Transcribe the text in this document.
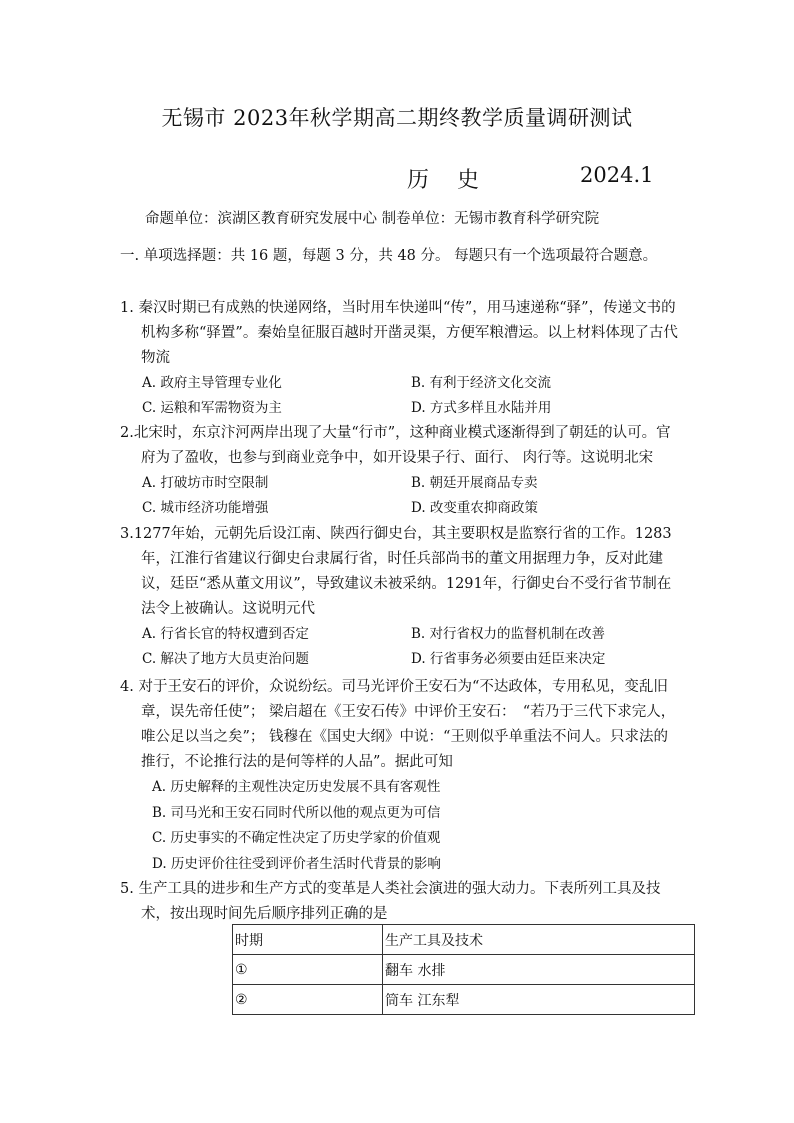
无锡市 2023年秋学期高二期终教学质量调研测试
历史	2024.1
命题单位：滨湖区教育研究发展中心 制卷单位：无锡市教育科学研究院
一. 单项选择题：共 16 题，每题 3 分，共 48 分。 每题只有一个选项最符合题意。

1. 秦汉时期已有成熟的快递网络，当时用车快递叫“传”，用马速递称“驿”，传递文书的机构多称“驿置”。秦始皇征服百越时开凿灵渠，方便军粮漕运。以上材料体现了古代物流

A. 政府主导管理专业化	B. 有利于经济文化交流
C. 运粮和军需物资为主	D. 方式多样且水陆并用

2.北宋时，东京汴河两岸出现了大量“行市”，这种商业模式逐渐得到了朝廷的认可。官府为了盈收，也参与到商业竞争中，如开设果子行、面行、 肉行等。这说明北宋

A. 打破坊市时空限制	B. 朝廷开展商品专卖
C. 城市经济功能增强	D. 改变重农抑商政策

3.1277年始，元朝先后设江南、陕西行御史台，其主要职权是监察行省的工作。1283年，江淮行省建议行御史台隶属行省，时任兵部尚书的董文用据理力争，反对此建议，廷臣“悉从董文用议”，导致建议未被采纳。1291年，行御史台不受行省节制在法令上被确认。这说明元代

A. 行省长官的特权遭到否定	B. 对行省权力的监督机制在改善
C. 解决了地方大员吏治问题	D. 行省事务必须要由廷臣来决定

4. 对于王安石的评价，众说纷纭。司马光评价王安石为“不达政体，专用私见，变乱旧章，误先帝任使”； 梁启超在《王安石传》中评价王安石：　“若乃于三代下求完人，唯公足以当之矣”； 钱穆在《国史大纲》中说：“王则似乎单重法不问人。只求法的推行，不论推行法的是何等样的人品”。据此可知

A. 历史解释的主观性决定历史发展不具有客观性
B. 司马光和王安石同时代所以他的观点更为可信
C. 历史事实的不确定性决定了历史学家的价值观
D. 历史评价往往受到评价者生活时代背景的影响

5. 生产工具的进步和生产方式的变革是人类社会演进的强大动力。下表所列工具及技术，按出现时间先后顺序排列正确的是

时期	生产工具及技术
①	翻车 水排
②	筒车 江东犁
